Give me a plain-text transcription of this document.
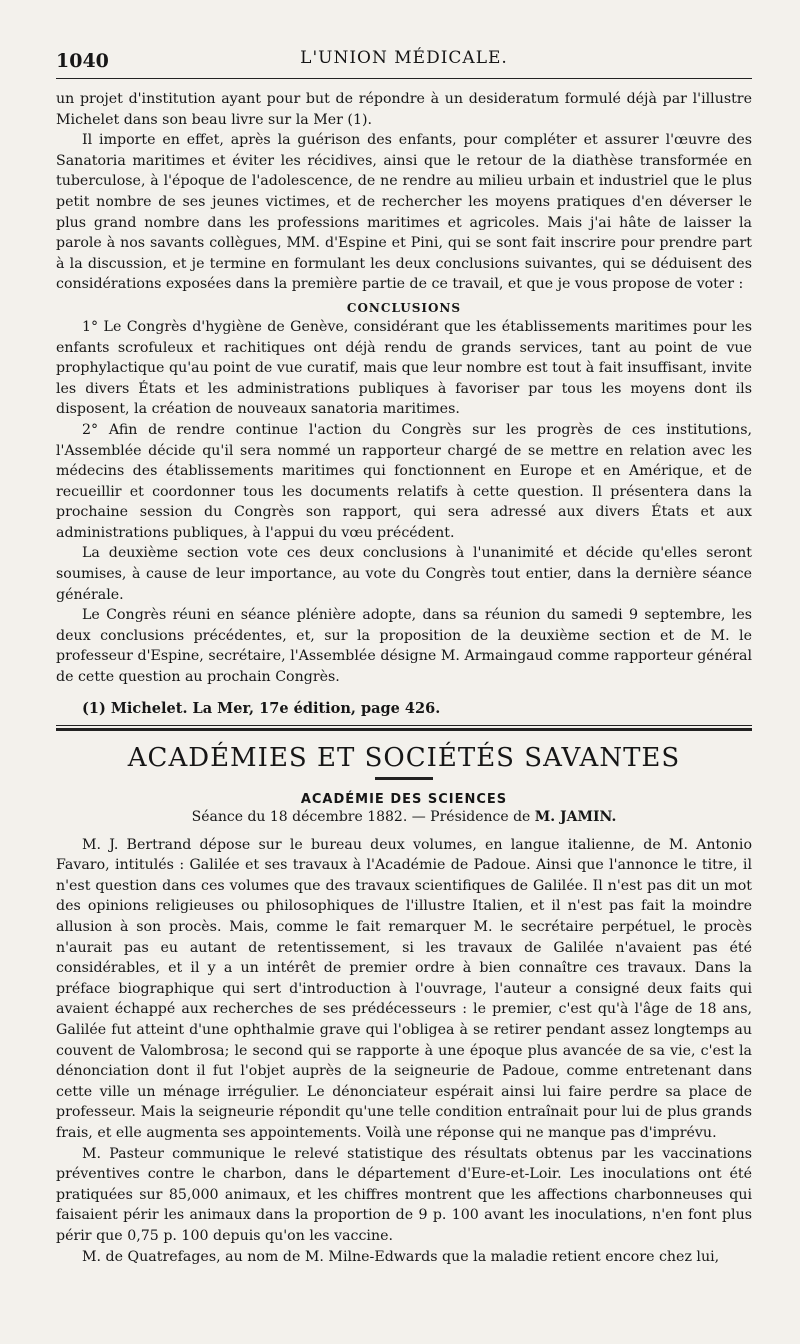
1040	L'UNION MÉDICALE.

un projet d'institution ayant pour but de répondre à un desideratum formulé déjà par l'illustre Michelet dans son beau livre sur la Mer (1).

Il importe en effet, après la guérison des enfants, pour compléter et assurer l'œuvre des Sanatoria maritimes et éviter les récidives, ainsi que le retour de la diathèse transformée en tuberculose, à l'époque de l'adolescence, de ne rendre au milieu urbain et industriel que le plus petit nombre de ses jeunes victimes, et de rechercher les moyens pratiques d'en déverser le plus grand nombre dans les professions maritimes et agricoles. Mais j'ai hâte de laisser la parole à nos savants collègues, MM. d'Espine et Pini, qui se sont fait inscrire pour prendre part à la discussion, et je termine en formulant les deux conclusions suivantes, qui se déduisent des considérations exposées dans la première partie de ce travail, et que je vous propose de voter :

CONCLUSIONS

1° Le Congrès d'hygiène de Genève, considérant que les établissements maritimes pour les enfants scrofuleux et rachitiques ont déjà rendu de grands services, tant au point de vue prophylactique qu'au point de vue curatif, mais que leur nombre est tout à fait insuffisant, invite les divers États et les administrations publiques à favoriser par tous les moyens dont ils disposent, la création de nouveaux sanatoria maritimes.

2° Afin de rendre continue l'action du Congrès sur les progrès de ces institutions, l'Assemblée décide qu'il sera nommé un rapporteur chargé de se mettre en relation avec les médecins des établissements maritimes qui fonctionnent en Europe et en Amérique, et de recueillir et coordonner tous les documents relatifs à cette question. Il présentera dans la prochaine session du Congrès son rapport, qui sera adressé aux divers États et aux administrations publiques, à l'appui du vœu précédent.

La deuxième section vote ces deux conclusions à l'unanimité et décide qu'elles seront soumises, à cause de leur importance, au vote du Congrès tout entier, dans la dernière séance générale.

Le Congrès réuni en séance plénière adopte, dans sa réunion du samedi 9 septembre, les deux conclusions précédentes, et, sur la proposition de la deuxième section et de M. le professeur d'Espine, secrétaire, l'Assemblée désigne M. Armaingaud comme rapporteur général de cette question au prochain Congrès.

(1) Michelet. La Mer, 17e édition, page 426.
ACADÉMIES ET SOCIÉTÉS SAVANTES
ACADÉMIE DES SCIENCES
Séance du 18 décembre 1882. — Présidence de M. JAMIN.

M. J. Bertrand dépose sur le bureau deux volumes, en langue italienne, de M. Antonio Favaro, intitulés : Galilée et ses travaux à l'Académie de Padoue. Ainsi que l'annonce le titre, il n'est question dans ces volumes que des travaux scientifiques de Galilée. Il n'est pas dit un mot des opinions religieuses ou philosophiques de l'illustre Italien, et il n'est pas fait la moindre allusion à son procès. Mais, comme le fait remarquer M. le secrétaire perpétuel, le procès n'aurait pas eu autant de retentissement, si les travaux de Galilée n'avaient pas été considérables, et il y a un intérêt de premier ordre à bien connaître ces travaux. Dans la préface biographique qui sert d'introduction à l'ouvrage, l'auteur a consigné deux faits qui avaient échappé aux recherches de ses prédécesseurs : le premier, c'est qu'à l'âge de 18 ans, Galilée fut atteint d'une ophthalmie grave qui l'obligea à se retirer pendant assez longtemps au couvent de Valombrosa; le second qui se rapporte à une époque plus avancée de sa vie, c'est la dénonciation dont il fut l'objet auprès de la seigneurie de Padoue, comme entretenant dans cette ville un ménage irrégulier. Le dénonciateur espérait ainsi lui faire perdre sa place de professeur. Mais la seigneurie répondit qu'une telle condition entraînait pour lui de plus grands frais, et elle augmenta ses appointements. Voilà une réponse qui ne manque pas d'imprévu.

M. Pasteur communique le relevé statistique des résultats obtenus par les vaccinations préventives contre le charbon, dans le département d'Eure-et-Loir. Les inoculations ont été pratiquées sur 85,000 animaux, et les chiffres montrent que les affections charbonneuses qui faisaient périr les animaux dans la proportion de 9 p. 100 avant les inoculations, n'en font plus périr que 0,75 p. 100 depuis qu'on les vaccine.

M. de Quatrefages, au nom de M. Milne-Edwards que la maladie retient encore chez lui,
